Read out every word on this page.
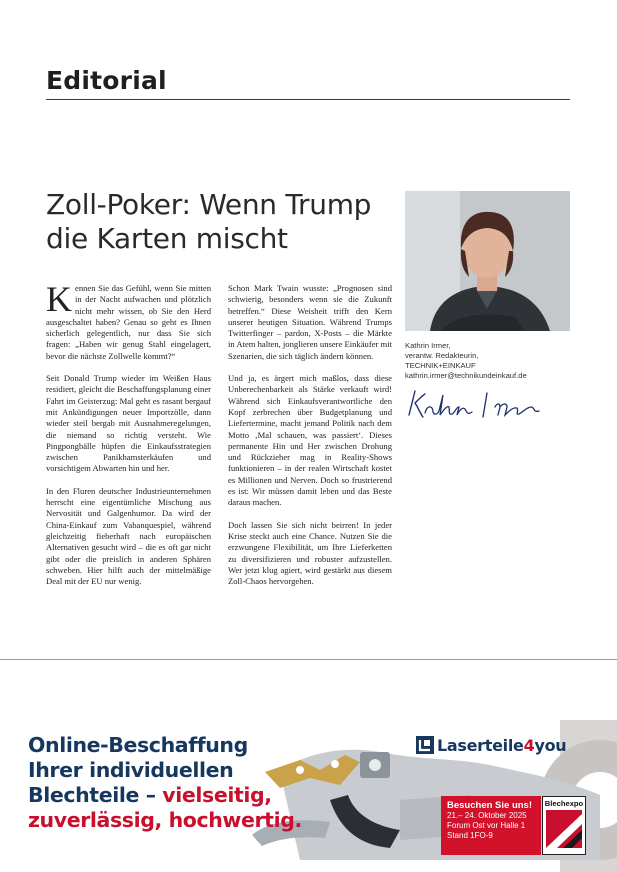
Editorial
Zoll-Poker: Wenn Trump
die Karten mischt

Kennen Sie das Gefühl, wenn Sie mitten in der Nacht aufwachen und plötzlich nicht mehr wissen, ob Sie den Herd ausgeschaltet haben? Genau so geht es Ihnen sicherlich gelegentlich, nur dass Sie sich fragen: „Haben wir genug Stahl eingelagert, bevor die nächste Zollwelle kommt?“

Seit Donald Trump wieder im Weißen Haus residiert, gleicht die Beschaffungsplanung einer Fahrt im Geisterzug: Mal geht es rasant bergauf mit Ankündigungen neuer Importzölle, dann wieder steil bergab mit Ausnahmeregelungen, die niemand so richtig versteht. Wie Pingpongbälle hüpfen die Einkaufsstrategien zwischen Panikhamsterkäufen und vorsichtigem Abwarten hin und her.

In den Fluren deutscher Industrieunternehmen herrscht eine eigentümliche Mischung aus Nervosität und Galgenhumor. Da wird der China-Einkauf zum Vabanquespiel, während gleichzeitig fieberhaft nach europäischen Alternativen gesucht wird – die es oft gar nicht gibt oder die preislich in anderen Sphären schweben. Hier hilft auch der mittelmäßige Deal mit der EU nur wenig.

Schon Mark Twain wusste: „Prognosen sind schwierig, besonders wenn sie die Zukunft betreffen.“ Diese Weisheit trifft den Kern unserer heutigen Situation. Während Trumps Twitterfinger – pardon, X-Posts – die Märkte in Atem halten, jonglieren unsere Einkäufer mit Szenarien, die sich täglich ändern können.

Und ja, es ärgert mich maßlos, dass diese Unberechenbarkeit als Stärke verkauft wird! Während sich Einkaufsverantwortliche den Kopf zerbrechen über Budgetplanung und Liefertermine, macht jemand Politik nach dem Motto ‚Mal schauen, was passiert‘. Dieses permanente Hin und Her zwischen Drohung und Rückzieher mag in Reality-Shows funktionieren – in der realen Wirtschaft kostet es Millionen und Nerven. Doch so frustrierend es ist: Wir müssen damit leben und das Beste daraus machen.

Doch lassen Sie sich nicht beirren! In jeder Krise steckt auch eine Chance. Nutzen Sie die erzwungene Flexibilität, um Ihre Lieferketten zu diversifizieren und robuster aufzustellen. Wer jetzt klug agiert, wird gestärkt aus diesem Zoll-Chaos hervorgehen.

Kathrin Irmer,
verantw. Redakteurin,
TECHNIK+EINKAUF
kathrin.irmer@technikundeinkauf.de
Online-Beschaffung
Ihrer individuellen
Blechteile – vielseitig,
zuverlässig, hochwertig.
Laserteile4you
Besuchen Sie uns!
21.– 24. Oktober 2025
Forum Ost vor Halle 1
Stand 1FO-9
Blechexpo
